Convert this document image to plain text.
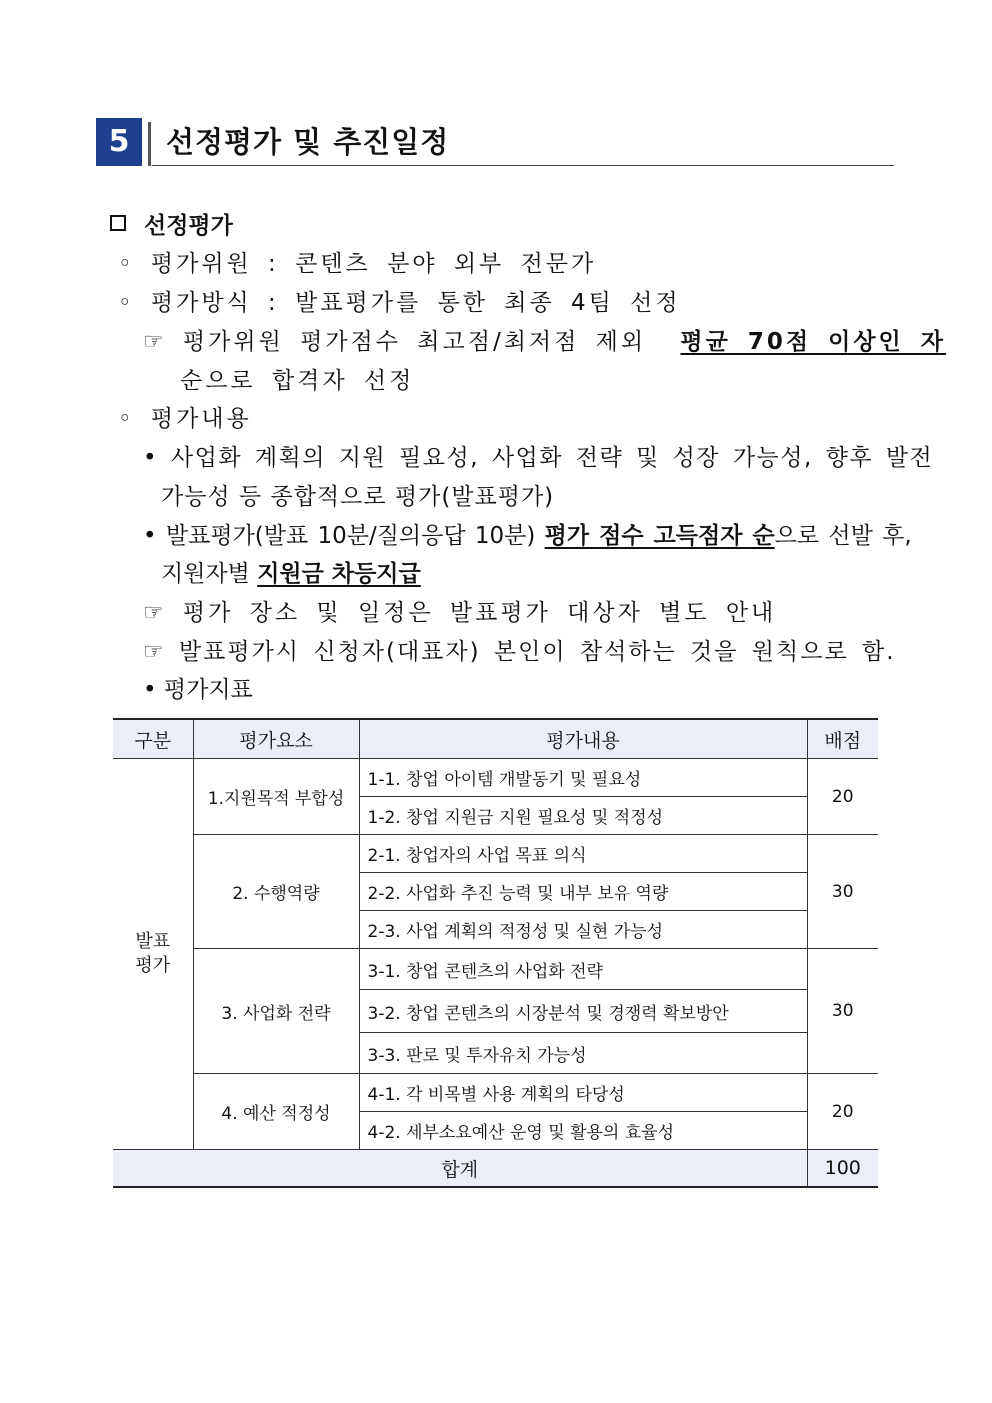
5	선정평가 및 추진일정
선정평가
◦ 평가위원 : 콘텐츠 분야 외부 전문가
◦ 평가방식 : 발표평가를 통한 최종 4팀 선정
☞ 평가위원 평가점수 최고점/최저점 제외 평균 70점 이상인 자
순으로 합격자 선정
◦ 평가내용
• 사업화 계획의 지원 필요성, 사업화 전략 및 성장 가능성, 향후 발전
가능성 등 종합적으로 평가(발표평가)
• 발표평가(발표 10분/질의응답 10분) 평가 점수 고득점자 순으로 선발 후,
지원자별 지원금 차등지급
☞ 평가 장소 및 일정은 발표평가 대상자 별도 안내
☞ 발표평가시 신청자(대표자) 본인이 참석하는 것을 원칙으로 함.
• 평가지표
구분	평가요소	평가내용	배점
발표
평가	1.지원목적 부합성	1-1. 창업 아이템 개발동기 및 필요성	20
		1-2. 창업 지원금 지원 필요성 및 적정성	
	2. 수행역량	2-1. 창업자의 사업 목표 의식	30
		2-2. 사업화 추진 능력 및 내부 보유 역량	
		2-3. 사업 계획의 적정성 및 실현 가능성	
	3. 사업화 전략	3-1. 창업 콘텐츠의 사업화 전략	30
		3-2. 창업 콘텐츠의 시장분석 및 경쟁력 확보방안	
		3-3. 판로 및 투자유치 가능성	
	4. 예산 적정성	4-1. 각 비목별 사용 계획의 타당성	20
		4-2. 세부소요예산 운영 및 활용의 효율성	
합계			100
